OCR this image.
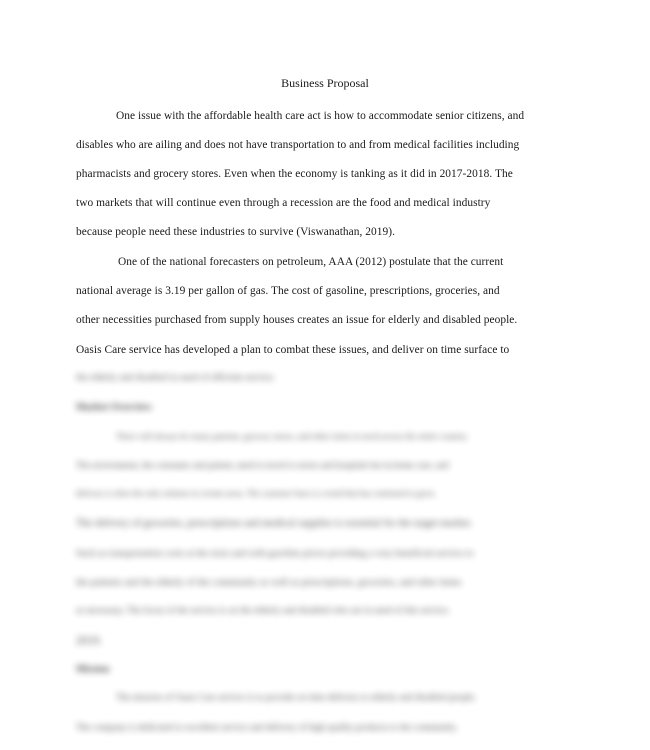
Business Proposal
One issue with the affordable health care act is how to accommodate senior citizens, and
disables who are ailing and does not have transportation to and from medical facilities including
pharmacists and grocery stores. Even when the economy is tanking as it did in 2017-2018. The
two markets that will continue even through a recession are the food and medical industry
because people need these industries to survive (Viswanathan, 2019).
One of the national forecasters on petroleum, AAA (2012) postulate that the current
national average is 3.19 per gallon of gas. The cost of gasoline, prescriptions, groceries, and
other necessities purchased from supply houses creates an issue for elderly and disabled people.
Oasis Care service has developed a plan to combat these issues, and deliver on time surface to
the elderly and disabled in need of efficient service.
Market Overview
There will always be many patients, grocery stores, and other items in need across the entire country.
The environment, the consumer and patient, need to travel to stores and hospitals but in-home care, and
delivery is often the only solution in certain areas. The customer base is a trend that has continued to grow.
The delivery of groceries, prescriptions and medical supplies is essential for the target market.
Such as transportation costs at the store and with gasoline prices providing a very beneficial service to
the patients and the elderly of the community as well as prescriptions, groceries, and other items
as necessary. The focus of the service is on the elderly and disabled who are in need of this service.
2019.
Mission
The mission of Oasis Care service is to provide on time delivery to elderly and disabled people.
The company is dedicated to excellent service and delivery of high quality products to the community.
